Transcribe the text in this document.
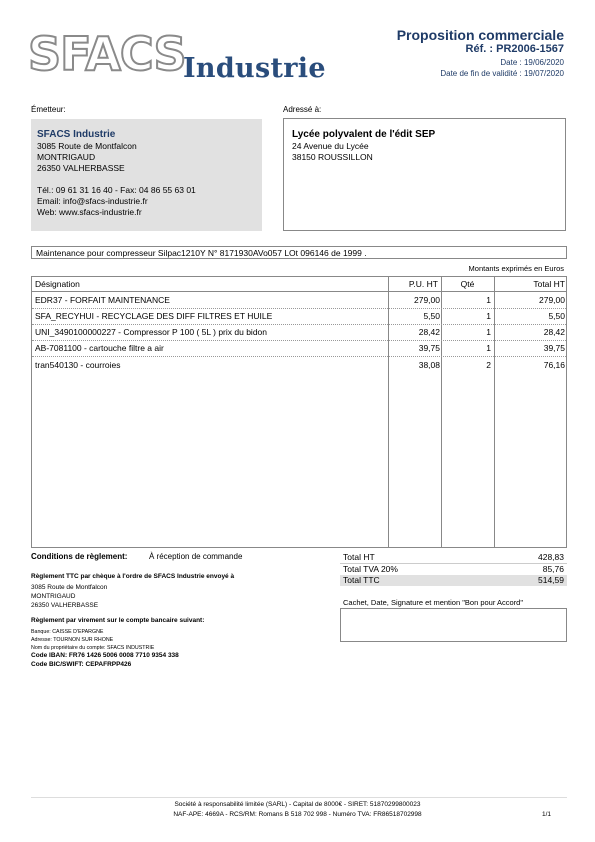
SFACS
Industrie
Proposition commerciale
Réf. : PR2006-1567
Date : 19/06/2020
Date de fin de validité : 19/07/2020
Émetteur:
SFACS Industrie
3085 Route de Montfalcon
MONTRIGAUD
26350 VALHERBASSE
Tél.: 09 61 31 16 40 - Fax: 04 86 55 63 01
Email: info@sfacs-industrie.fr
Web: www.sfacs-industrie.fr
Adressé à:
Lycée polyvalent de l'édit SEP
24 Avenue du Lycée
38150 ROUSSILLON
Maintenance pour compresseur Silpac1210Y N° 8171930AVo057 LOt 096146 de 1999 .
Montants exprimés en Euros
Désignation	P.U. HT	Qté	Total HT
EDR37 - FORFAIT MAINTENANCE	279,00	1	279,00
SFA_RECYHUI - RECYCLAGE DES DIFF FILTRES ET HUILE	5,50	1	5,50
UNI_3490100000227 - Compressor P 100 ( 5L ) prix du bidon	28,42	1	28,42
AB-7081100 - cartouche filtre a air	39,75	1	39,75
tran540130 - courroies	38,08	2	76,16
Conditions de règlement:	À réception de commande
Règlement TTC par chèque à l'ordre de SFACS Industrie envoyé à
3085 Route de Montfalcon
MONTRIGAUD
26350 VALHERBASSE
Règlement par virement sur le compte bancaire suivant:
Banque: CAISSE D'EPARGNE
Adresse: TOURNON SUR RHONE
Nom du propriétaire du compte: SFACS INDUSTRIE
Code IBAN: FR76 1426 5006 0008 7710 9354 338
Code BIC/SWIFT: CEPAFRPP426
Total HT	428,83
Total TVA 20%	85,76
Total TTC	514,59
Cachet, Date, Signature et mention "Bon pour Accord"
Société à responsabilité limitée (SARL) - Capital de 8000€ - SIRET: 51870299800023
NAF-APE: 4669A - RCS/RM: Romans B 518 702 998 - Numéro TVA: FR86518702998	1/1
